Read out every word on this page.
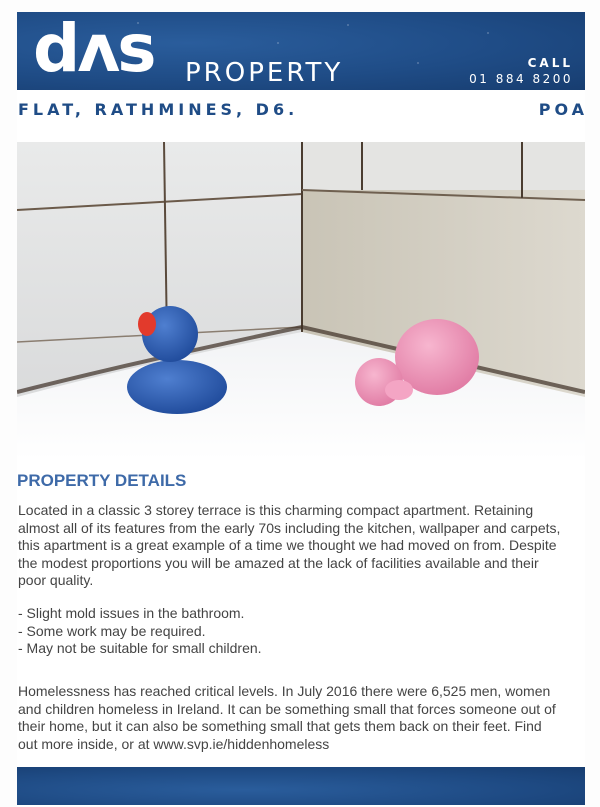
dʌs PROPERTY	CALL
01 884 8200
FLAT, RATHMINES, D6.	POA
PROPERTY DETAILS
Located in a classic 3 storey terrace is this charming compact apartment. Retaining almost all of its features from the early 70s including the kitchen, wallpaper and carpets, this apartment is a great example of a time we thought we had moved on from. Despite the modest proportions you will be amazed at the lack of facilities available and their poor quality.
- Slight mold issues in the bathroom.
- Some work may be required.
- May not be suitable for small children.
Homelessness has reached critical levels. In July 2016 there were 6,525 men, women and children homeless in Ireland. It can be something small that forces someone out of their home, but it can also be something small that gets them back on their feet. Find out more inside, or at www.svp.ie/hiddenhomeless
